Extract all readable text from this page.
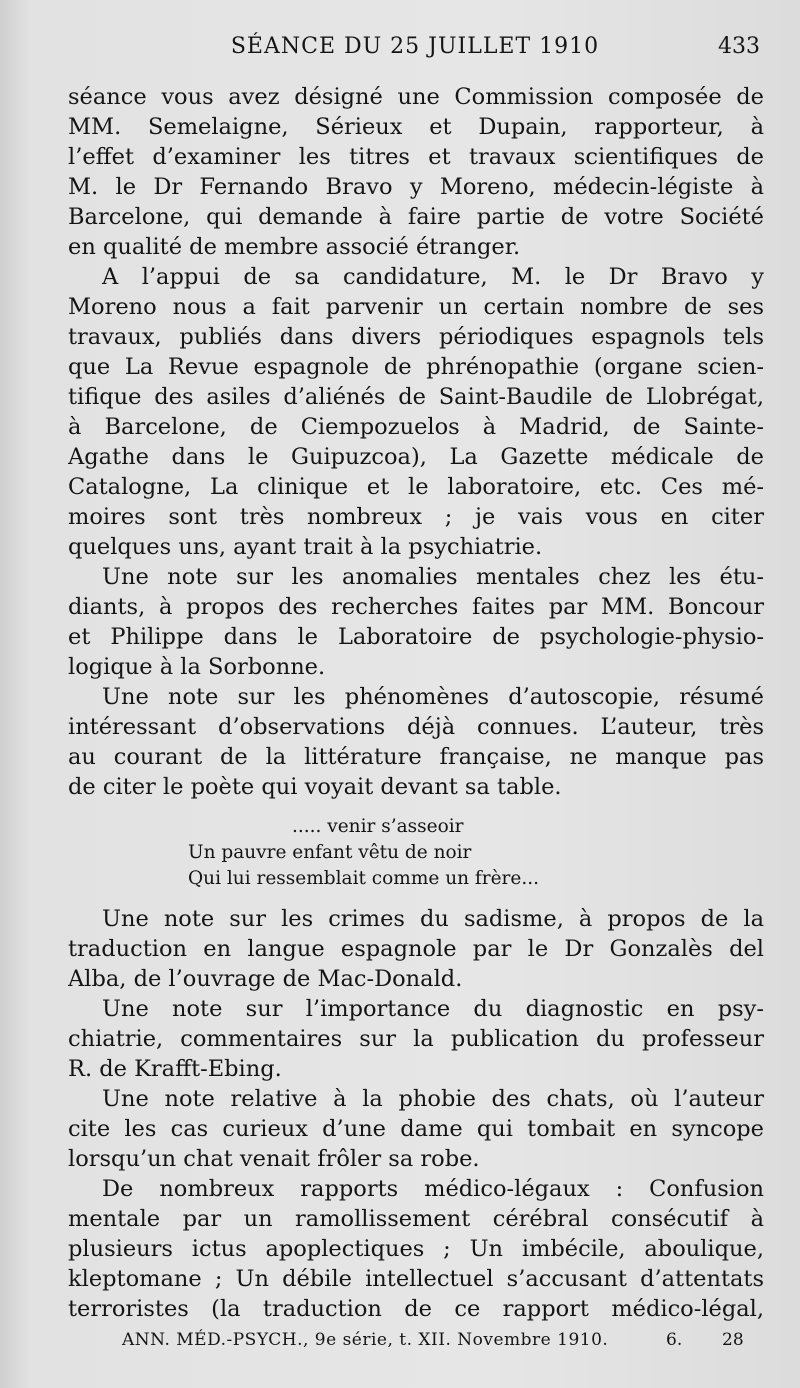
SÉANCE DU 25 JUILLET 1910	433
séance vous avez désigné une Commission composée de
MM. Semelaigne, Sérieux et Dupain, rapporteur, à
l’effet d’examiner les titres et travaux scientifiques de
M. le Dr Fernando Bravo y Moreno, médecin-légiste à
Barcelone, qui demande à faire partie de votre Société
en qualité de membre associé étranger.
A l’appui de sa candidature, M. le Dr Bravo y
Moreno nous a fait parvenir un certain nombre de ses
travaux, publiés dans divers périodiques espagnols tels
que La Revue espagnole de phrénopathie (organe scien-
tifique des asiles d’aliénés de Saint-Baudile de Llobrégat,
à Barcelone, de Ciempozuelos à Madrid, de Sainte-
Agathe dans le Guipuzcoa), La Gazette médicale de
Catalogne, La clinique et le laboratoire, etc. Ces mé-
moires sont très nombreux ; je vais vous en citer
quelques uns, ayant trait à la psychiatrie.
Une note sur les anomalies mentales chez les étu-
diants, à propos des recherches faites par MM. Boncour
et Philippe dans le Laboratoire de psychologie-physio-
logique à la Sorbonne.
Une note sur les phénomènes d’autoscopie, résumé
intéressant d’observations déjà connues. L’auteur, très
au courant de la littérature française, ne manque pas
de citer le poète qui voyait devant sa table.
..... venir s’asseoir
Un pauvre enfant vêtu de noir
Qui lui ressemblait comme un frère...
Une note sur les crimes du sadisme, à propos de la
traduction en langue espagnole par le Dr Gonzalès del
Alba, de l’ouvrage de Mac-Donald.
Une note sur l’importance du diagnostic en psy-
chiatrie, commentaires sur la publication du professeur
R. de Krafft-Ebing.
Une note relative à la phobie des chats, où l’auteur
cite les cas curieux d’une dame qui tombait en syncope
lorsqu’un chat venait frôler sa robe.
De nombreux rapports médico-légaux : Confusion
mentale par un ramollissement cérébral consécutif à
plusieurs ictus apoplectiques ; Un imbécile, aboulique,
kleptomane ; Un débile intellectuel s’accusant d’attentats
terroristes (la traduction de ce rapport médico-légal,
ANN. MÉD.-PSYCH., 9e série, t. XII. Novembre 1910.	6. 28
